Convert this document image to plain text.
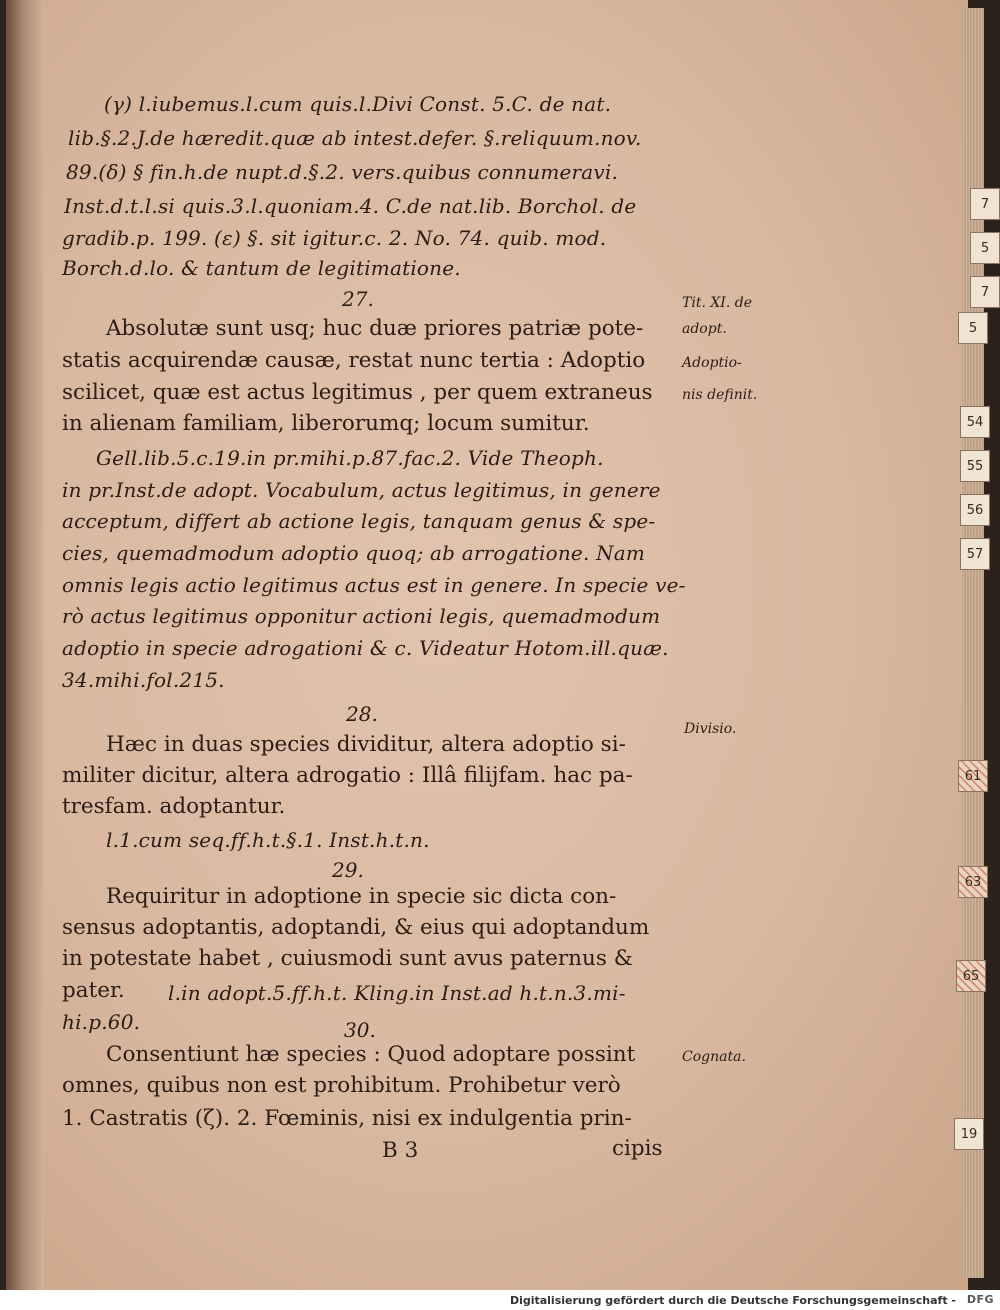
(γ) l.iubemus.l.cum quis.l.Divi Const. 5.C. de nat.
lib.§.2.J.de hæredit.quæ ab intest.defer. §.reliquum.nov.
89.(δ) § fin.h.de nupt.d.§.2. vers.quibus connumeravi.
Inst.d.t.l.si quis.3.l.quoniam.4. C.de nat.lib. Borchol. de
gradib.p. 199. (ε) §. sit igitur.c. 2. No. 74. quib. mod.
Borch.d.lo. & tantum de legitimatione.
27.
Absolutæ sunt usq; huc duæ priores patriæ pote-
statis acquirendæ causæ, restat nunc tertia : Adoptio
scilicet, quæ est actus legitimus , per quem extraneus
in alienam familiam, liberorumq; locum sumitur.
Gell.lib.5.c.19.in pr.mihi.p.87.fac.2. Vide Theoph.
in pr.Inst.de adopt. Vocabulum, actus legitimus, in genere
acceptum, differt ab actione legis, tanquam genus & spe-
cies, quemadmodum adoptio quoq; ab arrogatione. Nam
omnis legis actio legitimus actus est in genere. In specie ve-
rò actus legitimus opponitur actioni legis, quemadmodum
adoptio in specie adrogationi & c. Videatur Hotom.ill.quæ.
34.mihi.fol.215.
28.
Hæc in duas species dividitur, altera adoptio si-
militer dicitur, altera adrogatio : Illâ filijfam. hac pa-
tresfam. adoptantur.
l.1.cum seq.ff.h.t.§.1. Inst.h.t.n.
29.
Requiritur in adoptione in specie sic dicta con-
sensus adoptantis, adoptandi, & eius qui adoptandum
in potestate habet , cuiusmodi sunt avus paternus &
pater. l.in adopt.5.ff.h.t. Kling.in Inst.ad h.t.n.3.mi-
hi.p.60.	30.
Consentiunt hæ species : Quod adoptare possint
omnes, quibus non est prohibitum. Prohibetur verò
1. Castratis (ζ). 2. Fœminis, nisi ex indulgentia prin-
B 3	cipis
Tit. XI. de
adopt.
Adoptio-
nis definit.
Divisio.
Cognata.
7
5
7
5
54
55
56
57
61
63
65
19
Digitalisierung gefördert durch die Deutsche Forschungsgemeinschaft - DFG
